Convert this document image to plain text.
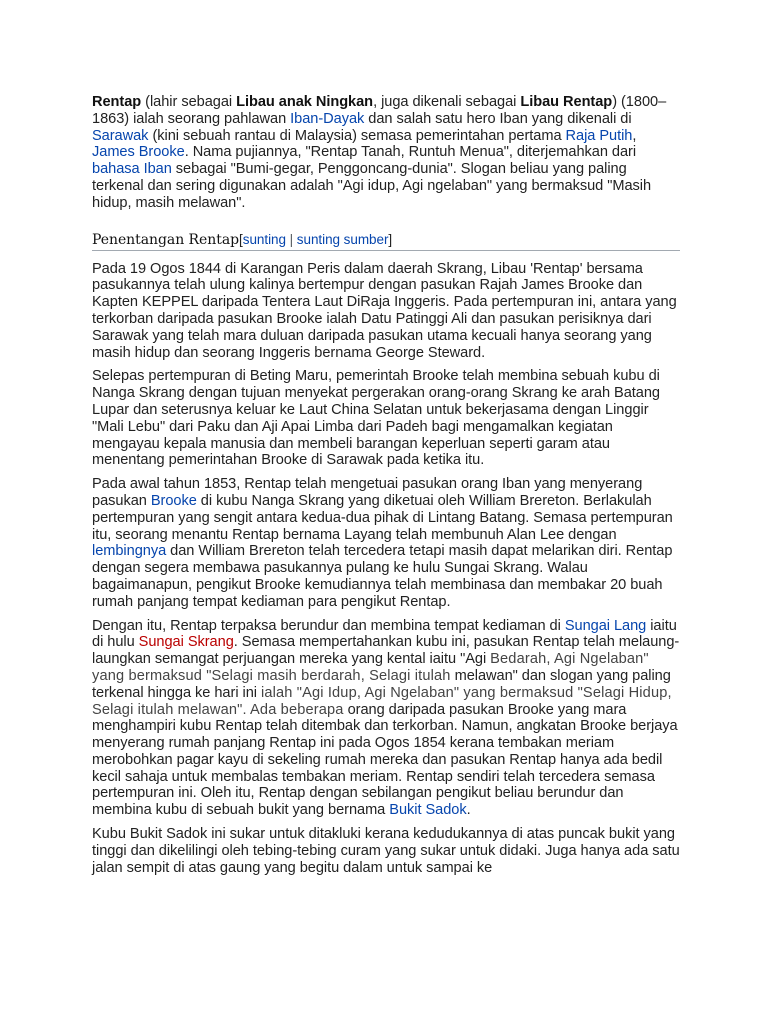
Rentap (lahir sebagai Libau anak Ningkan, juga dikenali sebagai Libau Rentap) (1800–1863) ialah seorang pahlawan Iban-Dayak dan salah satu hero Iban yang dikenali di Sarawak (kini sebuah rantau di Malaysia) semasa pemerintahan pertama Raja Putih, James Brooke. Nama pujiannya, "Rentap Tanah, Runtuh Menua", diterjemahkan dari bahasa Iban sebagai "Bumi-gegar, Penggoncang-dunia". Slogan beliau yang paling terkenal dan sering digunakan adalah "Agi idup, Agi ngelaban" yang bermaksud "Masih hidup, masih melawan".

Penentangan Rentap[sunting | sunting sumber]

Pada 19 Ogos 1844 di Karangan Peris dalam daerah Skrang, Libau 'Rentap' bersama pasukannya telah ulung kalinya bertempur dengan pasukan Rajah James Brooke dan Kapten KEPPEL daripada Tentera Laut DiRaja Inggeris. Pada pertempuran ini, antara yang terkorban daripada pasukan Brooke ialah Datu Patinggi Ali dan pasukan perisiknya dari Sarawak yang telah mara duluan daripada pasukan utama kecuali hanya seorang yang masih hidup dan seorang Inggeris bernama George Steward.

Selepas pertempuran di Beting Maru, pemerintah Brooke telah membina sebuah kubu di Nanga Skrang dengan tujuan menyekat pergerakan orang-orang Skrang ke arah Batang Lupar dan seterusnya keluar ke Laut China Selatan untuk bekerjasama dengan Linggir "Mali Lebu" dari Paku dan Aji Apai Limba dari Padeh bagi mengamalkan kegiatan mengayau kepala manusia dan membeli barangan keperluan seperti garam atau menentang pemerintahan Brooke di Sarawak pada ketika itu.

Pada awal tahun 1853, Rentap telah mengetuai pasukan orang Iban yang menyerang pasukan Brooke di kubu Nanga Skrang yang diketuai oleh William Brereton. Berlakulah pertempuran yang sengit antara kedua-dua pihak di Lintang Batang. Semasa pertempuran itu, seorang menantu Rentap bernama Layang telah membunuh Alan Lee dengan lembingnya dan William Brereton telah tercedera tetapi masih dapat melarikan diri. Rentap dengan segera membawa pasukannya pulang ke hulu Sungai Skrang. Walau bagaimanapun, pengikut Brooke kemudiannya telah membinasa dan membakar 20 buah rumah panjang tempat kediaman para pengikut Rentap.

Dengan itu, Rentap terpaksa berundur dan membina tempat kediaman di Sungai Lang iaitu di hulu Sungai Skrang. Semasa mempertahankan kubu ini, pasukan Rentap telah melaung-laungkan semangat perjuangan mereka yang kental iaitu "Agi Bedarah, Agi Ngelaban" yang bermaksud "Selagi masih berdarah, Selagi itulah melawan" dan slogan yang paling terkenal hingga ke hari ini ialah "Agi Idup, Agi Ngelaban" yang bermaksud "Selagi Hidup, Selagi itulah melawan". Ada beberapa orang daripada pasukan Brooke yang mara menghampiri kubu Rentap telah ditembak dan terkorban. Namun, angkatan Brooke berjaya menyerang rumah panjang Rentap ini pada Ogos 1854 kerana tembakan meriam merobohkan pagar kayu di sekeling rumah mereka dan pasukan Rentap hanya ada bedil kecil sahaja untuk membalas tembakan meriam. Rentap sendiri telah tercedera semasa pertempuran ini. Oleh itu, Rentap dengan sebilangan pengikut beliau berundur dan membina kubu di sebuah bukit yang bernama Bukit Sadok.

Kubu Bukit Sadok ini sukar untuk ditakluki kerana kedudukannya di atas puncak bukit yang tinggi dan dikelilingi oleh tebing-tebing curam yang sukar untuk didaki. Juga hanya ada satu jalan sempit di atas gaung yang begitu dalam untuk sampai ke
